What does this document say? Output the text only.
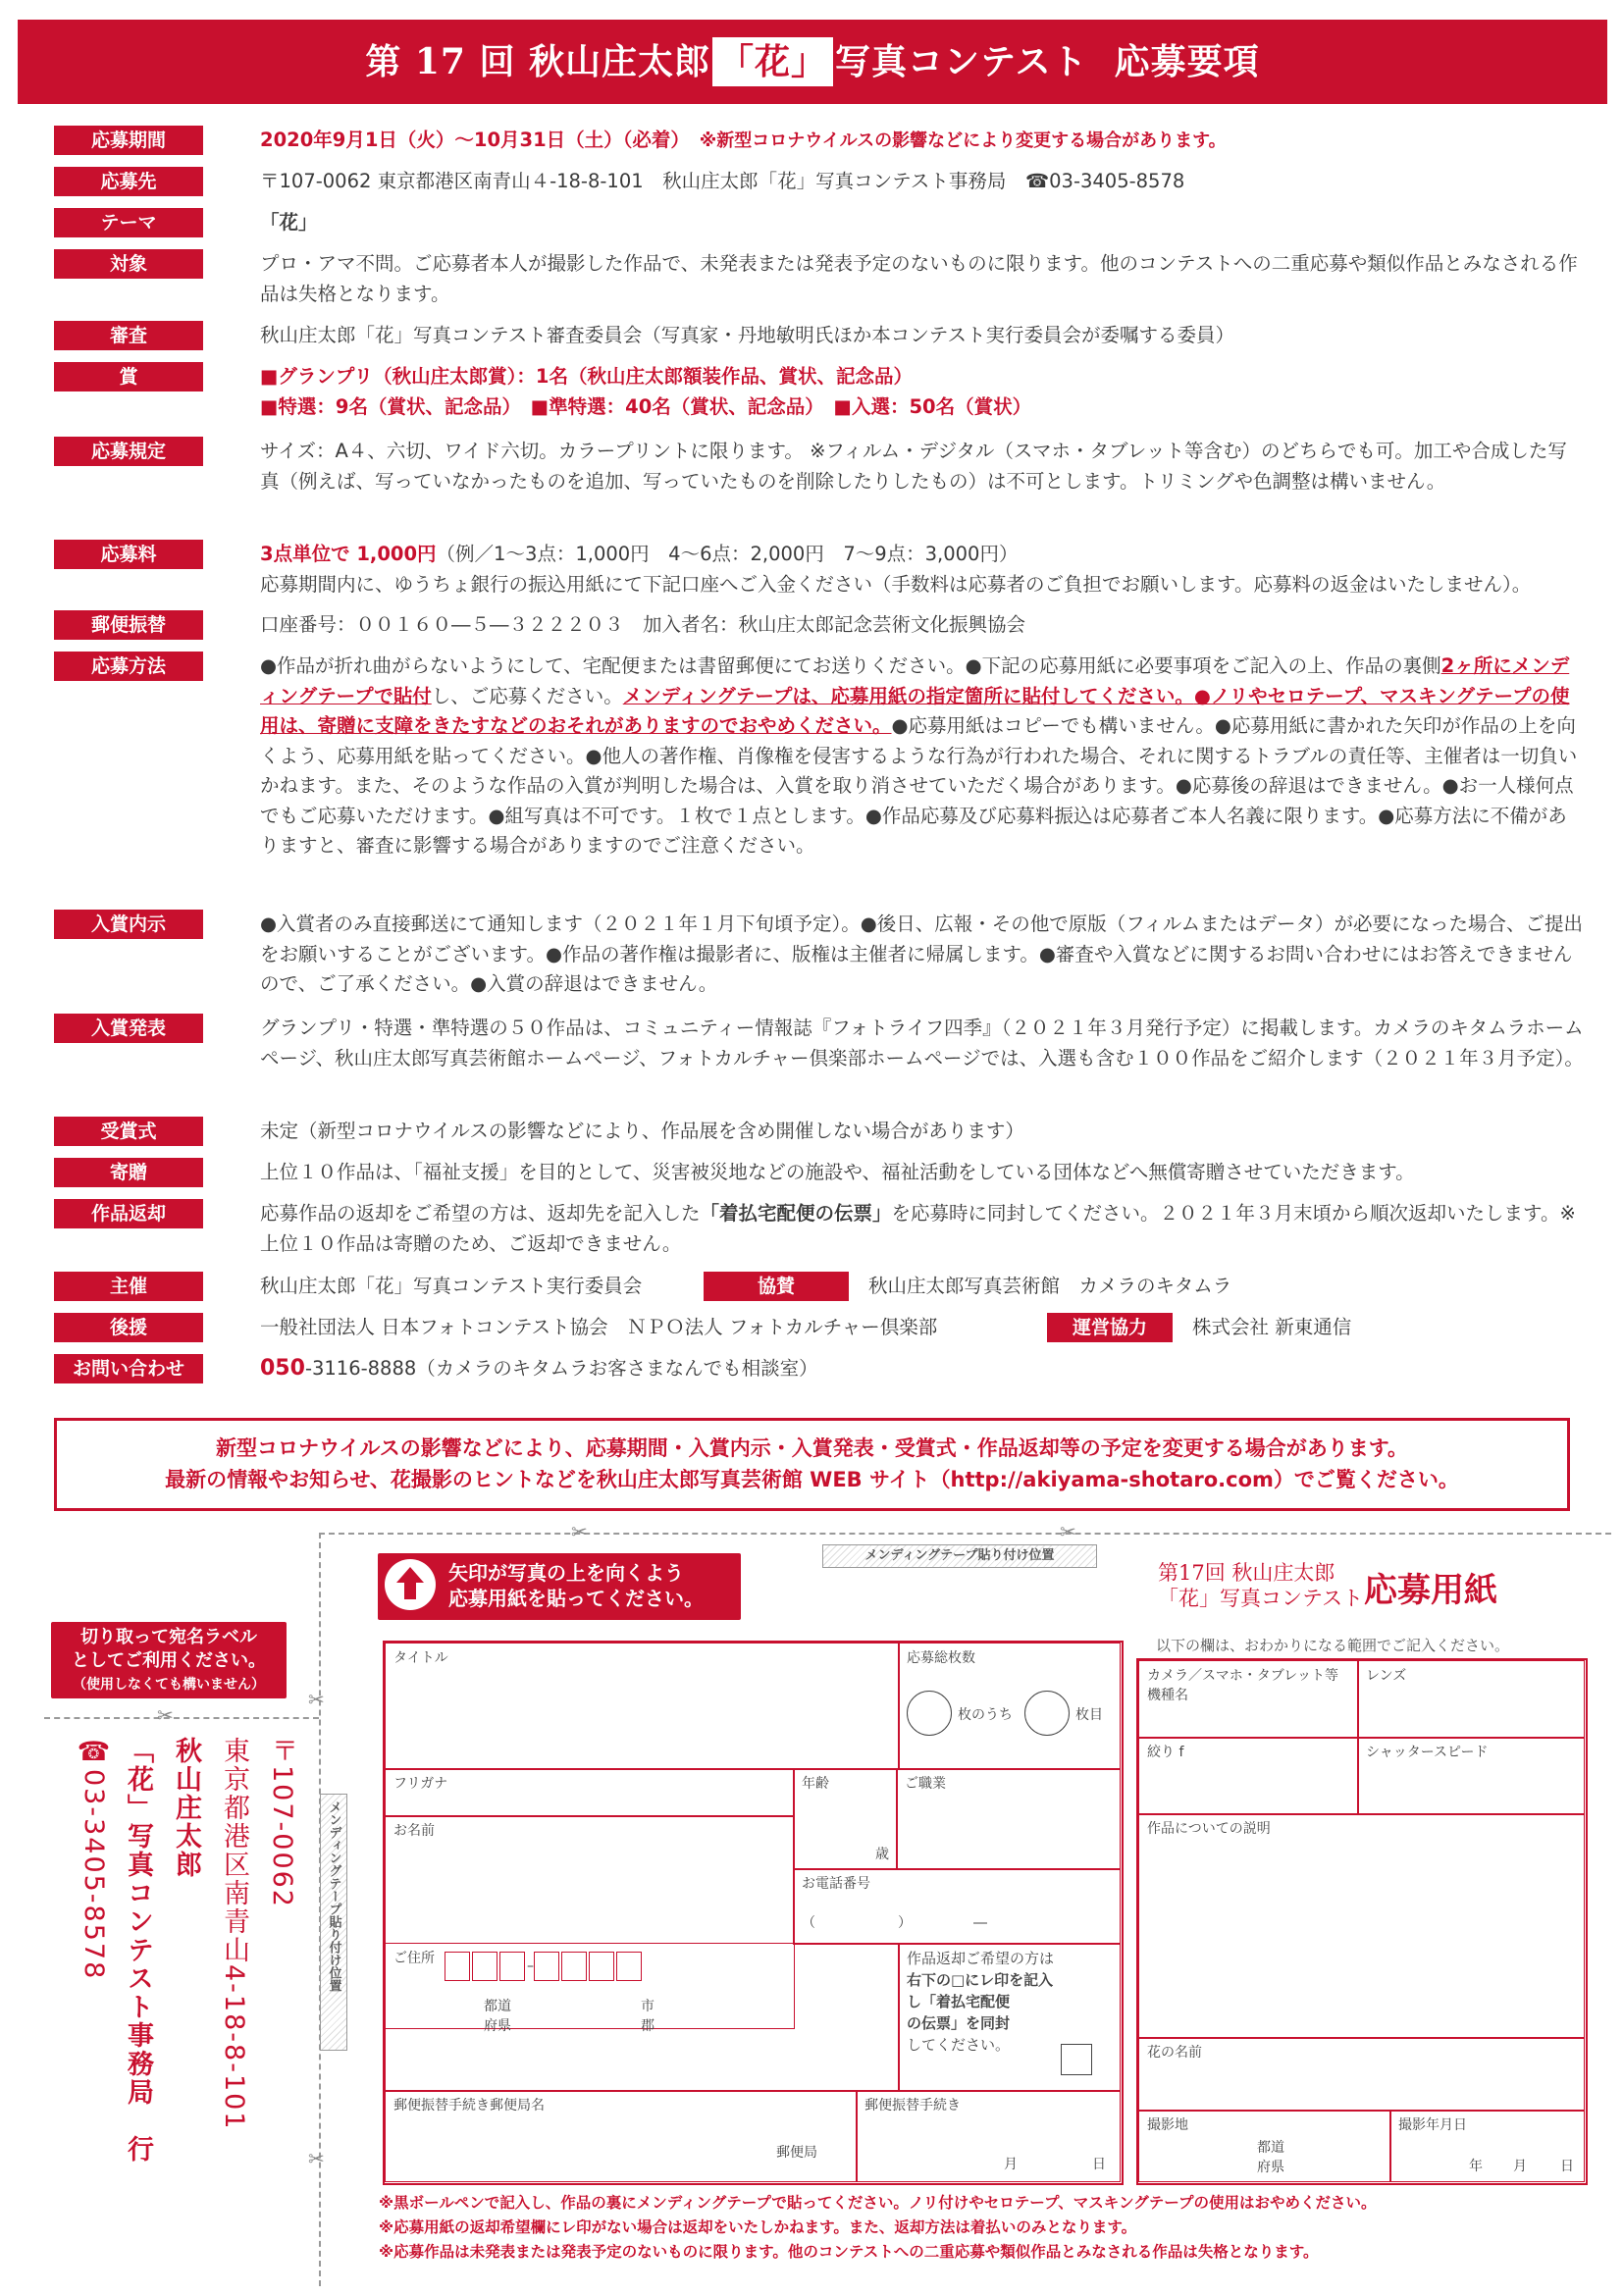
第 17 回 秋山庄太郎 「花」 写真コンテスト 応募要項
応募期間	2020年9月1日（火）〜10月31日（土）（必着）　 ※新型コロナウイルスの影響などにより変更する場合があります。
応募先	〒107‐0062 東京都港区南青山４‐18‐8‐101　秋山庄太郎「花」写真コンテスト事務局　☎03‐3405‐8578
テーマ	「花」
対象	プロ・アマ不問。ご応募者本人が撮影した作品で、未発表または発表予定のないものに限ります。他のコンテストへの二重応募や類似作品とみなされる作品は失格となります。
審査	秋山庄太郎「花」写真コンテスト審査委員会（写真家・丹地敏明氏ほか本コンテスト実行委員会が委嘱する委員）
賞	■グランプリ（秋山庄太郎賞）：1名（秋山庄太郎額装作品、賞状、記念品）
■特選：9名（賞状、記念品）　■準特選：40名（賞状、記念品）　■入選：50名（賞状）
応募規定	サイズ：A４、六切、ワイド六切。カラープリントに限ります。 ※フィルム・デジタル（スマホ・タブレット等含む）のどちらでも可。加工や合成した写真（例えば、写っていなかったものを追加、写っていたものを削除したりしたもの）は不可とします。トリミングや色調整は構いません。
応募料	3点単位で 1,000円（例／1〜3点：1,000円　4〜6点：2,000円　7〜9点：3,000円）
応募期間内に、ゆうちょ銀行の振込用紙にて下記口座へご入金ください（手数料は応募者のご負担でお願いします。応募料の返金はいたしません）。
郵便振替	口座番号：００１６０―５―３２２２０３　加入者名：秋山庄太郎記念芸術文化振興協会
応募方法	●作品が折れ曲がらないようにして、宅配便または書留郵便にてお送りください。●下記の応募用紙に必要事項をご記入の上、作品の裏側2ヶ所にメンディングテープで貼付し、ご応募ください。メンディングテープは、応募用紙の指定箇所に貼付してください。●ノリやセロテープ、マスキングテープの使用は、寄贈に支障をきたすなどのおそれがありますのでおやめください。●応募用紙はコピーでも構いません。●応募用紙に書かれた矢印が作品の上を向くよう、応募用紙を貼ってください。●他人の著作権、肖像権を侵害するような行為が行われた場合、それに関するトラブルの責任等、主催者は一切負いかねます。また、そのような作品の入賞が判明した場合は、入賞を取り消させていただく場合があります。●応募後の辞退はできません。●お一人様何点でもご応募いただけます。●組写真は不可です。１枚で１点とします。●作品応募及び応募料振込は応募者ご本人名義に限ります。●応募方法に不備がありますと、審査に影響する場合がありますのでご注意ください。
入賞内示	●入賞者のみ直接郵送にて通知します（２０２１年１月下旬頃予定）。●後日、広報・その他で原版（フィルムまたはデータ）が必要になった場合、ご提出をお願いすることがございます。●作品の著作権は撮影者に、版権は主催者に帰属します。●審査や入賞などに関するお問い合わせにはお答えできませんので、ご了承ください。●入賞の辞退はできません。
入賞発表	グランプリ・特選・準特選の５０作品は、コミュニティー情報誌『フォトライフ四季』（２０２１年３月発行予定）に掲載します。カメラのキタムラホームページ、秋山庄太郎写真芸術館ホームページ、フォトカルチャー倶楽部ホームページでは、入選も含む１００作品をご紹介します（２０２１年３月予定）。
受賞式	未定（新型コロナウイルスの影響などにより、作品展を含め開催しない場合があります）
寄贈	上位１０作品は、「福祉支援」を目的として、災害被災地などの施設や、福祉活動をしている団体などへ無償寄贈させていただきます。
作品返却	応募作品の返却をご希望の方は、返却先を記入した「着払宅配便の伝票」を応募時に同封してください。２０２１年３月末頃から順次返却いたします。※上位１０作品は寄贈のため、ご返却できません。
主催	秋山庄太郎「花」写真コンテスト実行委員会	協賛	秋山庄太郎写真芸術館　カメラのキタムラ
後援	一般社団法人 日本フォトコンテスト協会　ＮＰＯ法人 フォトカルチャー倶楽部	運営協力	株式会社 新東通信
お問い合わせ	050‐3116‐8888（カメラのキタムラお客さまなんでも相談室）
新型コロナウイルスの影響などにより、応募期間・入賞内示・入賞発表・受賞式・作品返却等の予定を変更する場合があります。
最新の情報やお知らせ、花撮影のヒントなどを秋山庄太郎写真芸術館 WEB サイト（http://akiyama-shotaro.com）でご覧ください。
✂	✂
✂
✂
✂
切り取って宛名ラベル
としてご利用ください。
（使用しなくても構いません）
〒107-0062
東京都港区南青山4-18-8-101
秋山庄太郎
「花」写真コンテスト事務局　行
☎03‐3405‐8578
矢印が写真の上を向くよう
応募用紙を貼ってください。
メンディングテープ貼り付け位置
メンディングテープ貼り付け位置
第17回 秋山庄太郎
「花」写真コンテスト 応募用紙
以下の欄は、おわかりになる範囲でご記入ください。
タイトル	応募総枚数
枚のうち	枚目
フリガナ
お名前
年齢
歳
ご職業
お電話番号
（　　　　　　）　　　　　―
ご住所	–
都道
府県
市
郡
作品返却ご希望の方は
右下の□にレ印を記入
し「着払宅配便
の伝票」を同封
してください。
郵便振替手続き郵便局名
郵便局
郵便振替手続き
月	日
カメラ／スマホ・タブレット等機種名
レンズ
絞り f	シャッタースピード
作品についての説明
花の名前
撮影地
都道
府県
撮影年月日
年 月 日
※黒ボールペンで記入し、作品の裏にメンディングテープで貼ってください。ノリ付けやセロテープ、マスキングテープの使用はおやめください。
※応募用紙の返却希望欄にレ印がない場合は返却をいたしかねます。また、返却方法は着払いのみとなります。
※応募作品は未発表または発表予定のないものに限ります。他のコンテストへの二重応募や類似作品とみなされる作品は失格となります。
